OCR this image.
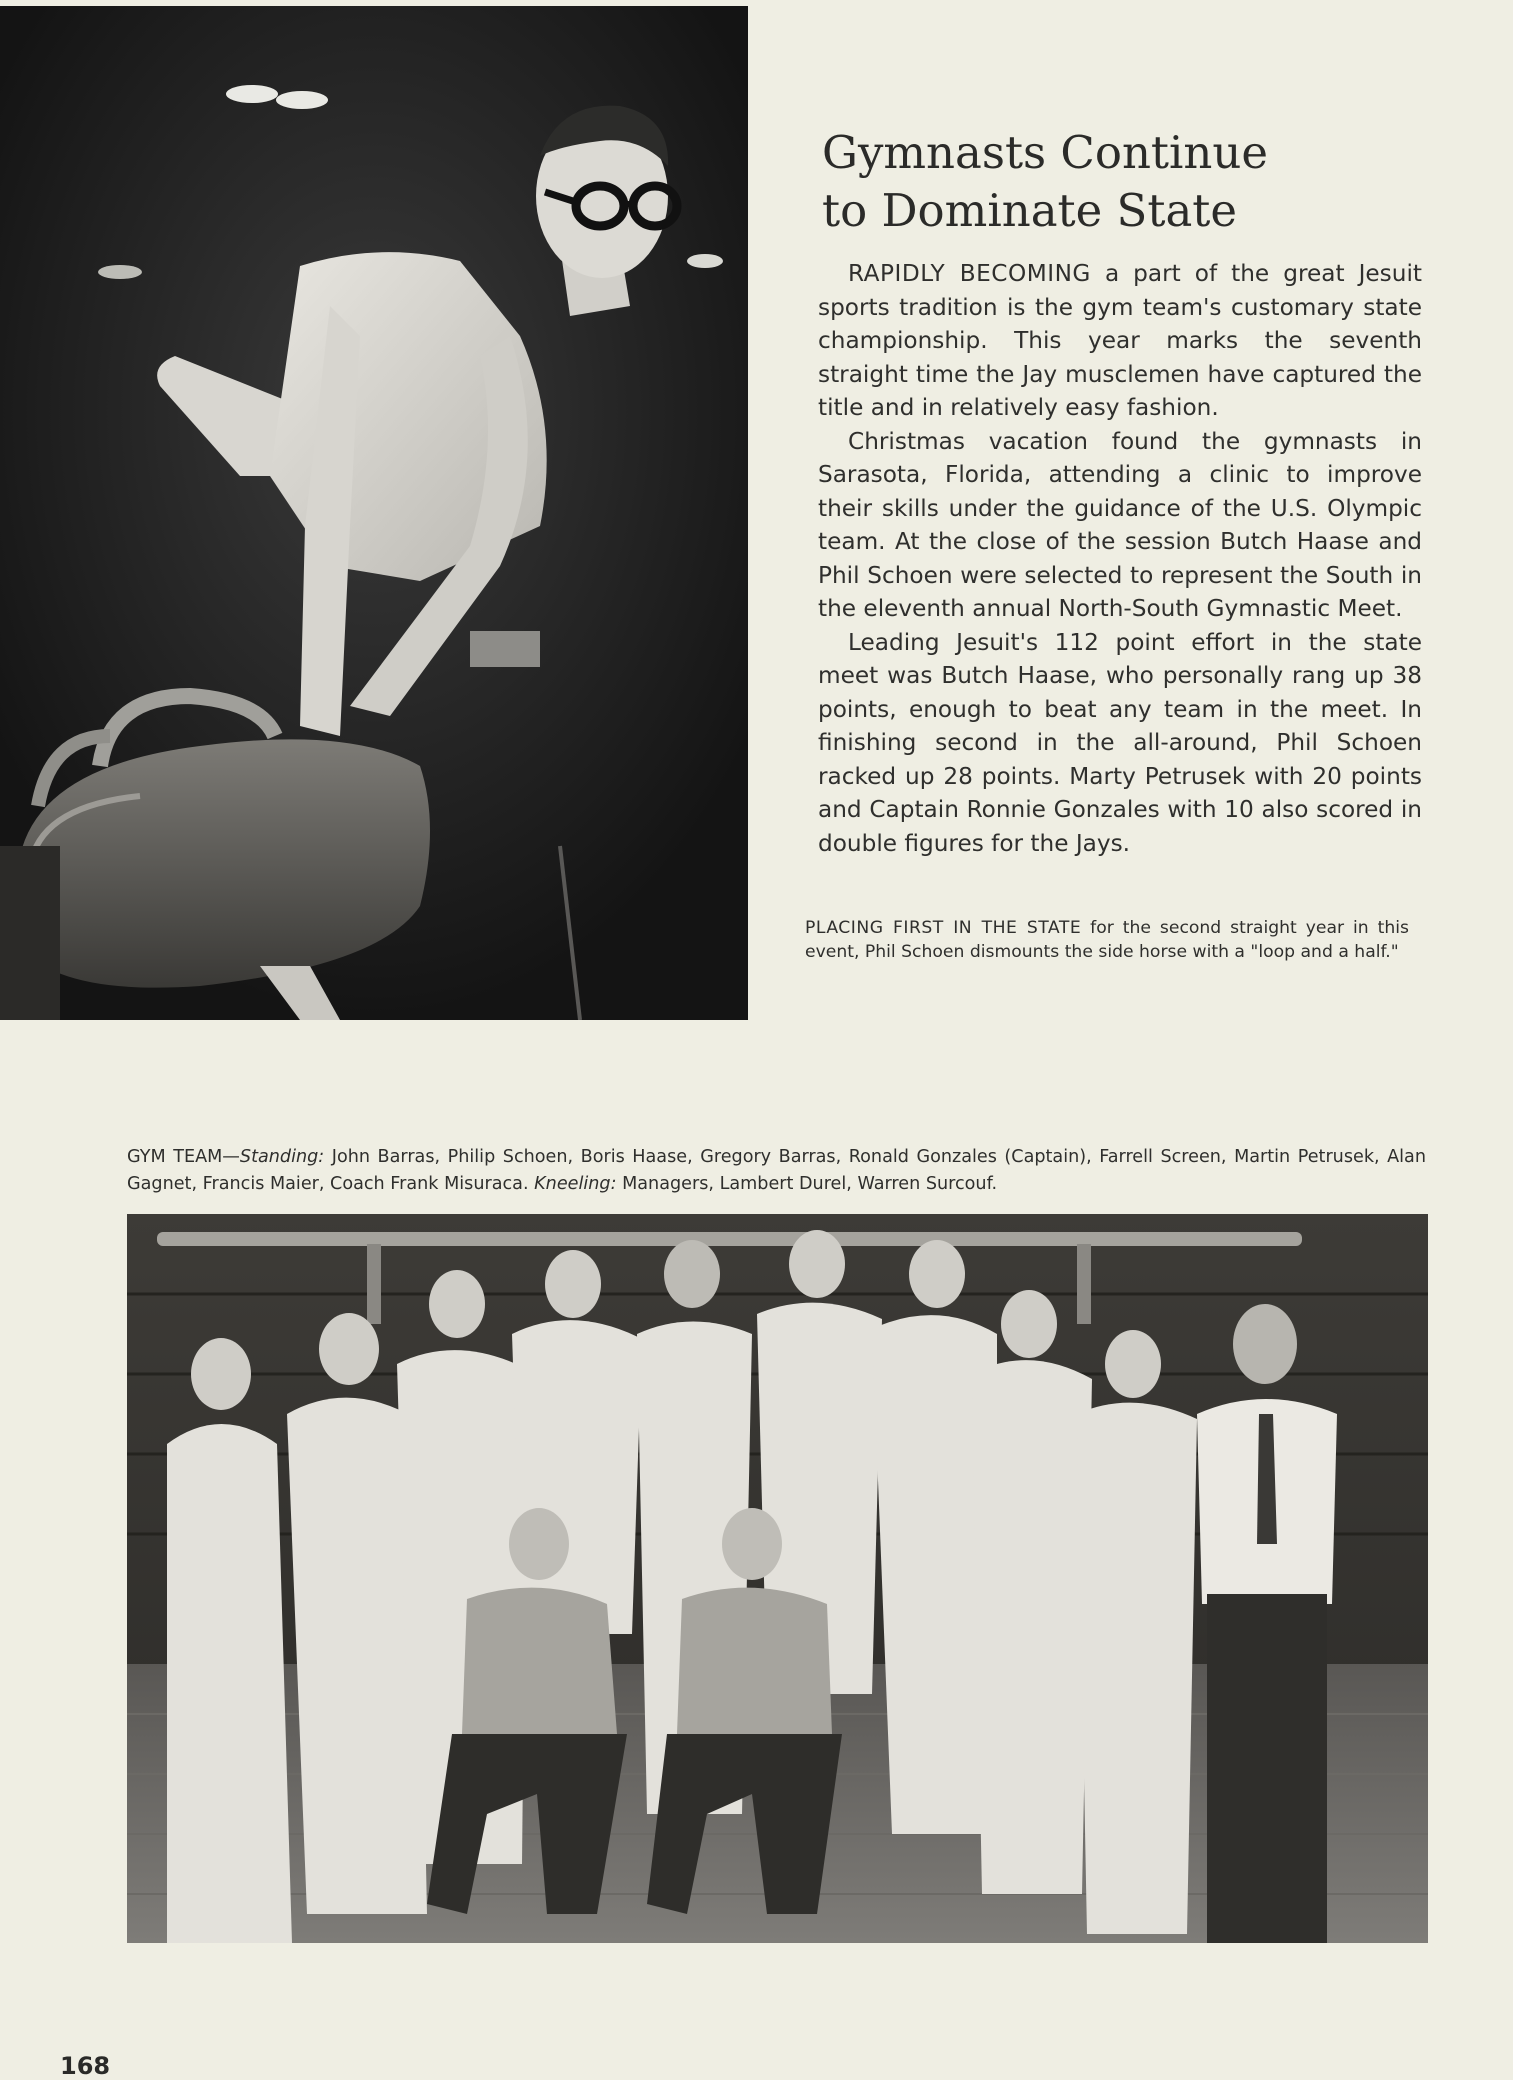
Gymnasts Continue
to Dominate State

RAPIDLY BECOMING a part of the great Jesuit sports tradition is the gym team's customary state championship. This year marks the seventh straight time the Jay musclemen have captured the title and in relatively easy fashion.

Christmas vacation found the gymnasts in Sarasota, Florida, attending a clinic to improve their skills under the guidance of the U.S. Olympic team. At the close of the session Butch Haase and Phil Schoen were selected to represent the South in the eleventh annual North-South Gymnastic Meet.

Leading Jesuit's 112 point effort in the state meet was Butch Haase, who personally rang up 38 points, enough to beat any team in the meet. In finishing second in the all-around, Phil Schoen racked up 28 points. Marty Petrusek with 20 points and Captain Ronnie Gonzales with 10 also scored in double figures for the Jays.

PLACING FIRST IN THE STATE for the second straight year in this event, Phil Schoen dismounts the side horse with a "loop and a half."

GYM TEAM—Standing: John Barras, Philip Schoen, Boris Haase, Gregory Barras, Ronald Gonzales (Captain), Farrell Screen, Martin Petrusek, Alan Gagnet, Francis Maier, Coach Frank Misuraca. Kneeling: Managers, Lambert Durel, Warren Surcouf.

168
